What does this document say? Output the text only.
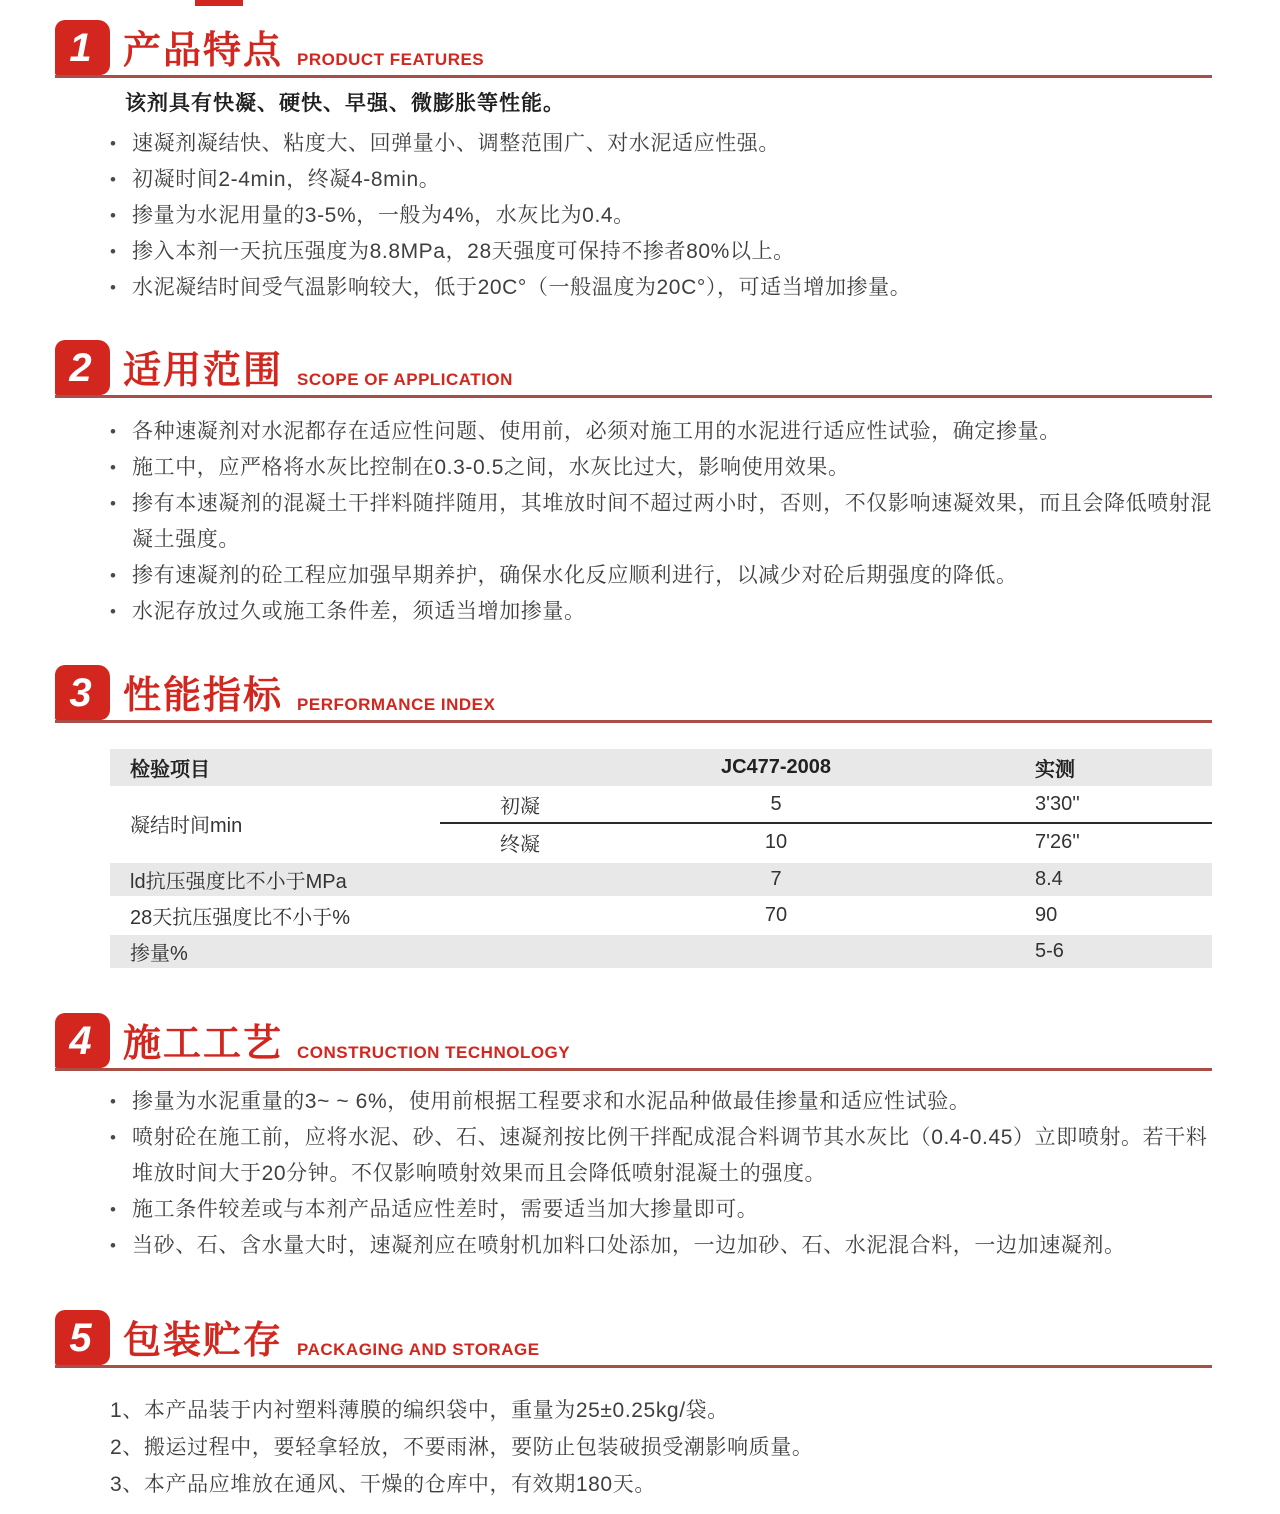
1 产品特点 PRODUCT FEATURES

该剂具有快凝、硬快、早强、微膨胀等性能。

• 速凝剂凝结快、粘度大、回弹量小、调整范围广、对水泥适应性强。
• 初凝时间2-4min，终凝4-8min。
• 掺量为水泥用量的3-5%，一般为4%，水灰比为0.4。
• 掺入本剂一天抗压强度为8.8MPa，28天强度可保持不掺者80%以上。
• 水泥凝结时间受气温影响较大，低于20C°（一般温度为20C°），可适当增加掺量。
2 适用范围 SCOPE OF APPLICATION
• 各种速凝剂对水泥都存在适应性问题、使用前，必须对施工用的水泥进行适应性试验，确定掺量。
• 施工中，应严格将水灰比控制在0.3-0.5之间，水灰比过大，影响使用效果。
• 掺有本速凝剂的混凝土干拌料随拌随用，其堆放时间不超过两小时，否则，不仅影响速凝效果，而且会降低喷射混凝土强度。
• 掺有速凝剂的砼工程应加强早期养护，确保水化反应顺利进行，以减少对砼后期强度的降低。
• 水泥存放过久或施工条件差，须适当增加掺量。
3 性能指标 PERFORMANCE INDEX
检验项目		JC477-2008	实测
凝结时间min	初凝	5	3'30''
	终凝	10	7'26''
ld抗压强度比不小于MPa		7	8.4
28天抗压强度比不小于%		70	90
掺量%			5-6
4 施工工艺 CONSTRUCTION TECHNOLOGY
• 掺量为水泥重量的3~ ~ 6%，使用前根据工程要求和水泥品种做最佳掺量和适应性试验。
• 喷射砼在施工前，应将水泥、砂、石、速凝剂按比例干拌配成混合料调节其水灰比（0.4-0.45）立即喷射。若干料堆放时间大于20分钟。不仅影响喷射效果而且会降低喷射混凝土的强度。
• 施工条件较差或与本剂产品适应性差时，需要适当加大掺量即可。
• 当砂、石、含水量大时，速凝剂应在喷射机加料口处添加，一边加砂、石、水泥混合料，一边加速凝剂。
5 包装贮存 PACKAGING AND STORAGE
1、本产品装于内衬塑料薄膜的编织袋中，重量为25±0.25kg/袋。
2、搬运过程中，要轻拿轻放，不要雨淋，要防止包装破损受潮影响质量。
3、本产品应堆放在通风、干燥的仓库中，有效期180天。
